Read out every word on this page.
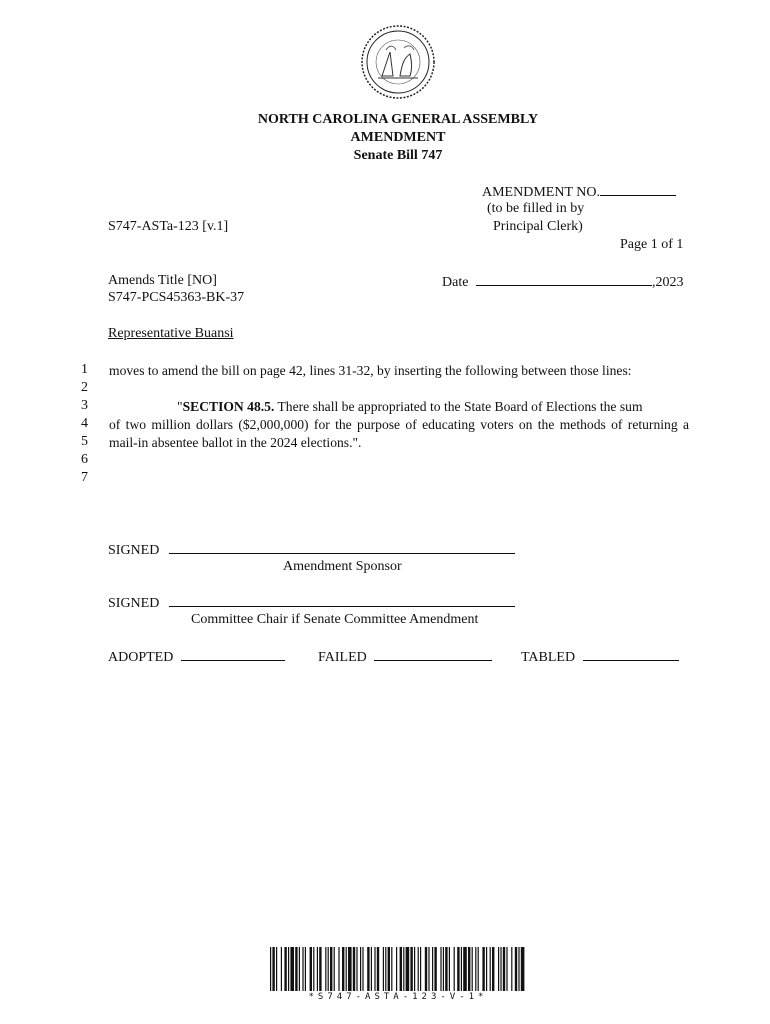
NORTH CAROLINA GENERAL ASSEMBLY
AMENDMENT
Senate Bill 747
AMENDMENT NO.
(to be filled in by
Principal Clerk)
S747-ASTa-123 [v.1]
Page 1 of 1
Amends Title [NO]
S747-PCS45363-BK-37
Date	,2023
Representative Buansi
1
2
3
4
5
6
7
moves to amend the bill on page 42, lines 31-32, by inserting the following between those lines:
"SECTION 48.5. There shall be appropriated to the State Board of Elections the sum
of two million dollars ($2,000,000) for the purpose of educating voters on the methods of returning a mail-in absentee ballot in the 2024 elections.".
SIGNED
Amendment Sponsor
SIGNED
Committee Chair if Senate Committee Amendment
ADOPTED	FAILED	TABLED
*S747-ASTA-123-V-1*
